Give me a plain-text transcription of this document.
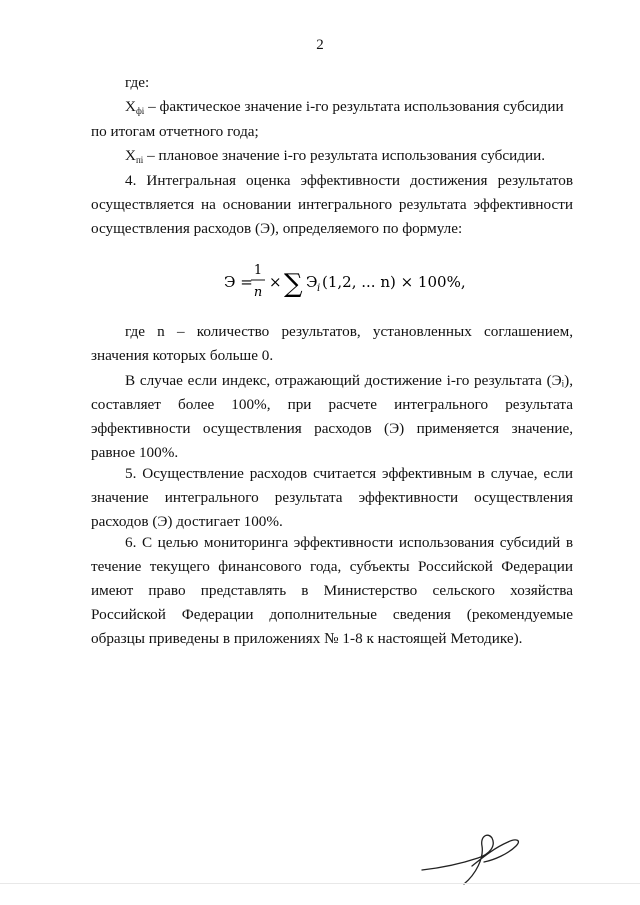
2
где:
$Х_{фi}$ – фактическое значение i-го результата использования субсидии
по итогам отчетного года;
$Х_{пi}$ – плановое значение i-го результата использования субсидии.
4. Интегральная оценка эффективности достижения результатов
осуществляется на основании интегрального результата эффективности
осуществления расходов (Э), определяемого по формуле:
Э =
1
n
× ∑ Э i (1,2, ... n) × 100%,
где n – количество результатов, установленных соглашением,
значения которых больше 0.
В случае если индекс, отражающий достижение i-го результата (Эᵢ),
составляет более 100%, при расчете интегрального результата
эффективности осуществления расходов (Э) применяется значение,
равное 100%.
5. Осуществление расходов считается эффективным в случае, если
значение интегрального результата эффективности осуществления
расходов (Э) достигает 100%.
6. С целью мониторинга эффективности использования субсидий в
течение текущего финансового года, субъекты Российской Федерации
имеют право представлять в Министерство сельского хозяйства
Российской Федерации дополнительные сведения (рекомендуемые
образцы приведены в приложениях № 1-8 к настоящей Методике).
